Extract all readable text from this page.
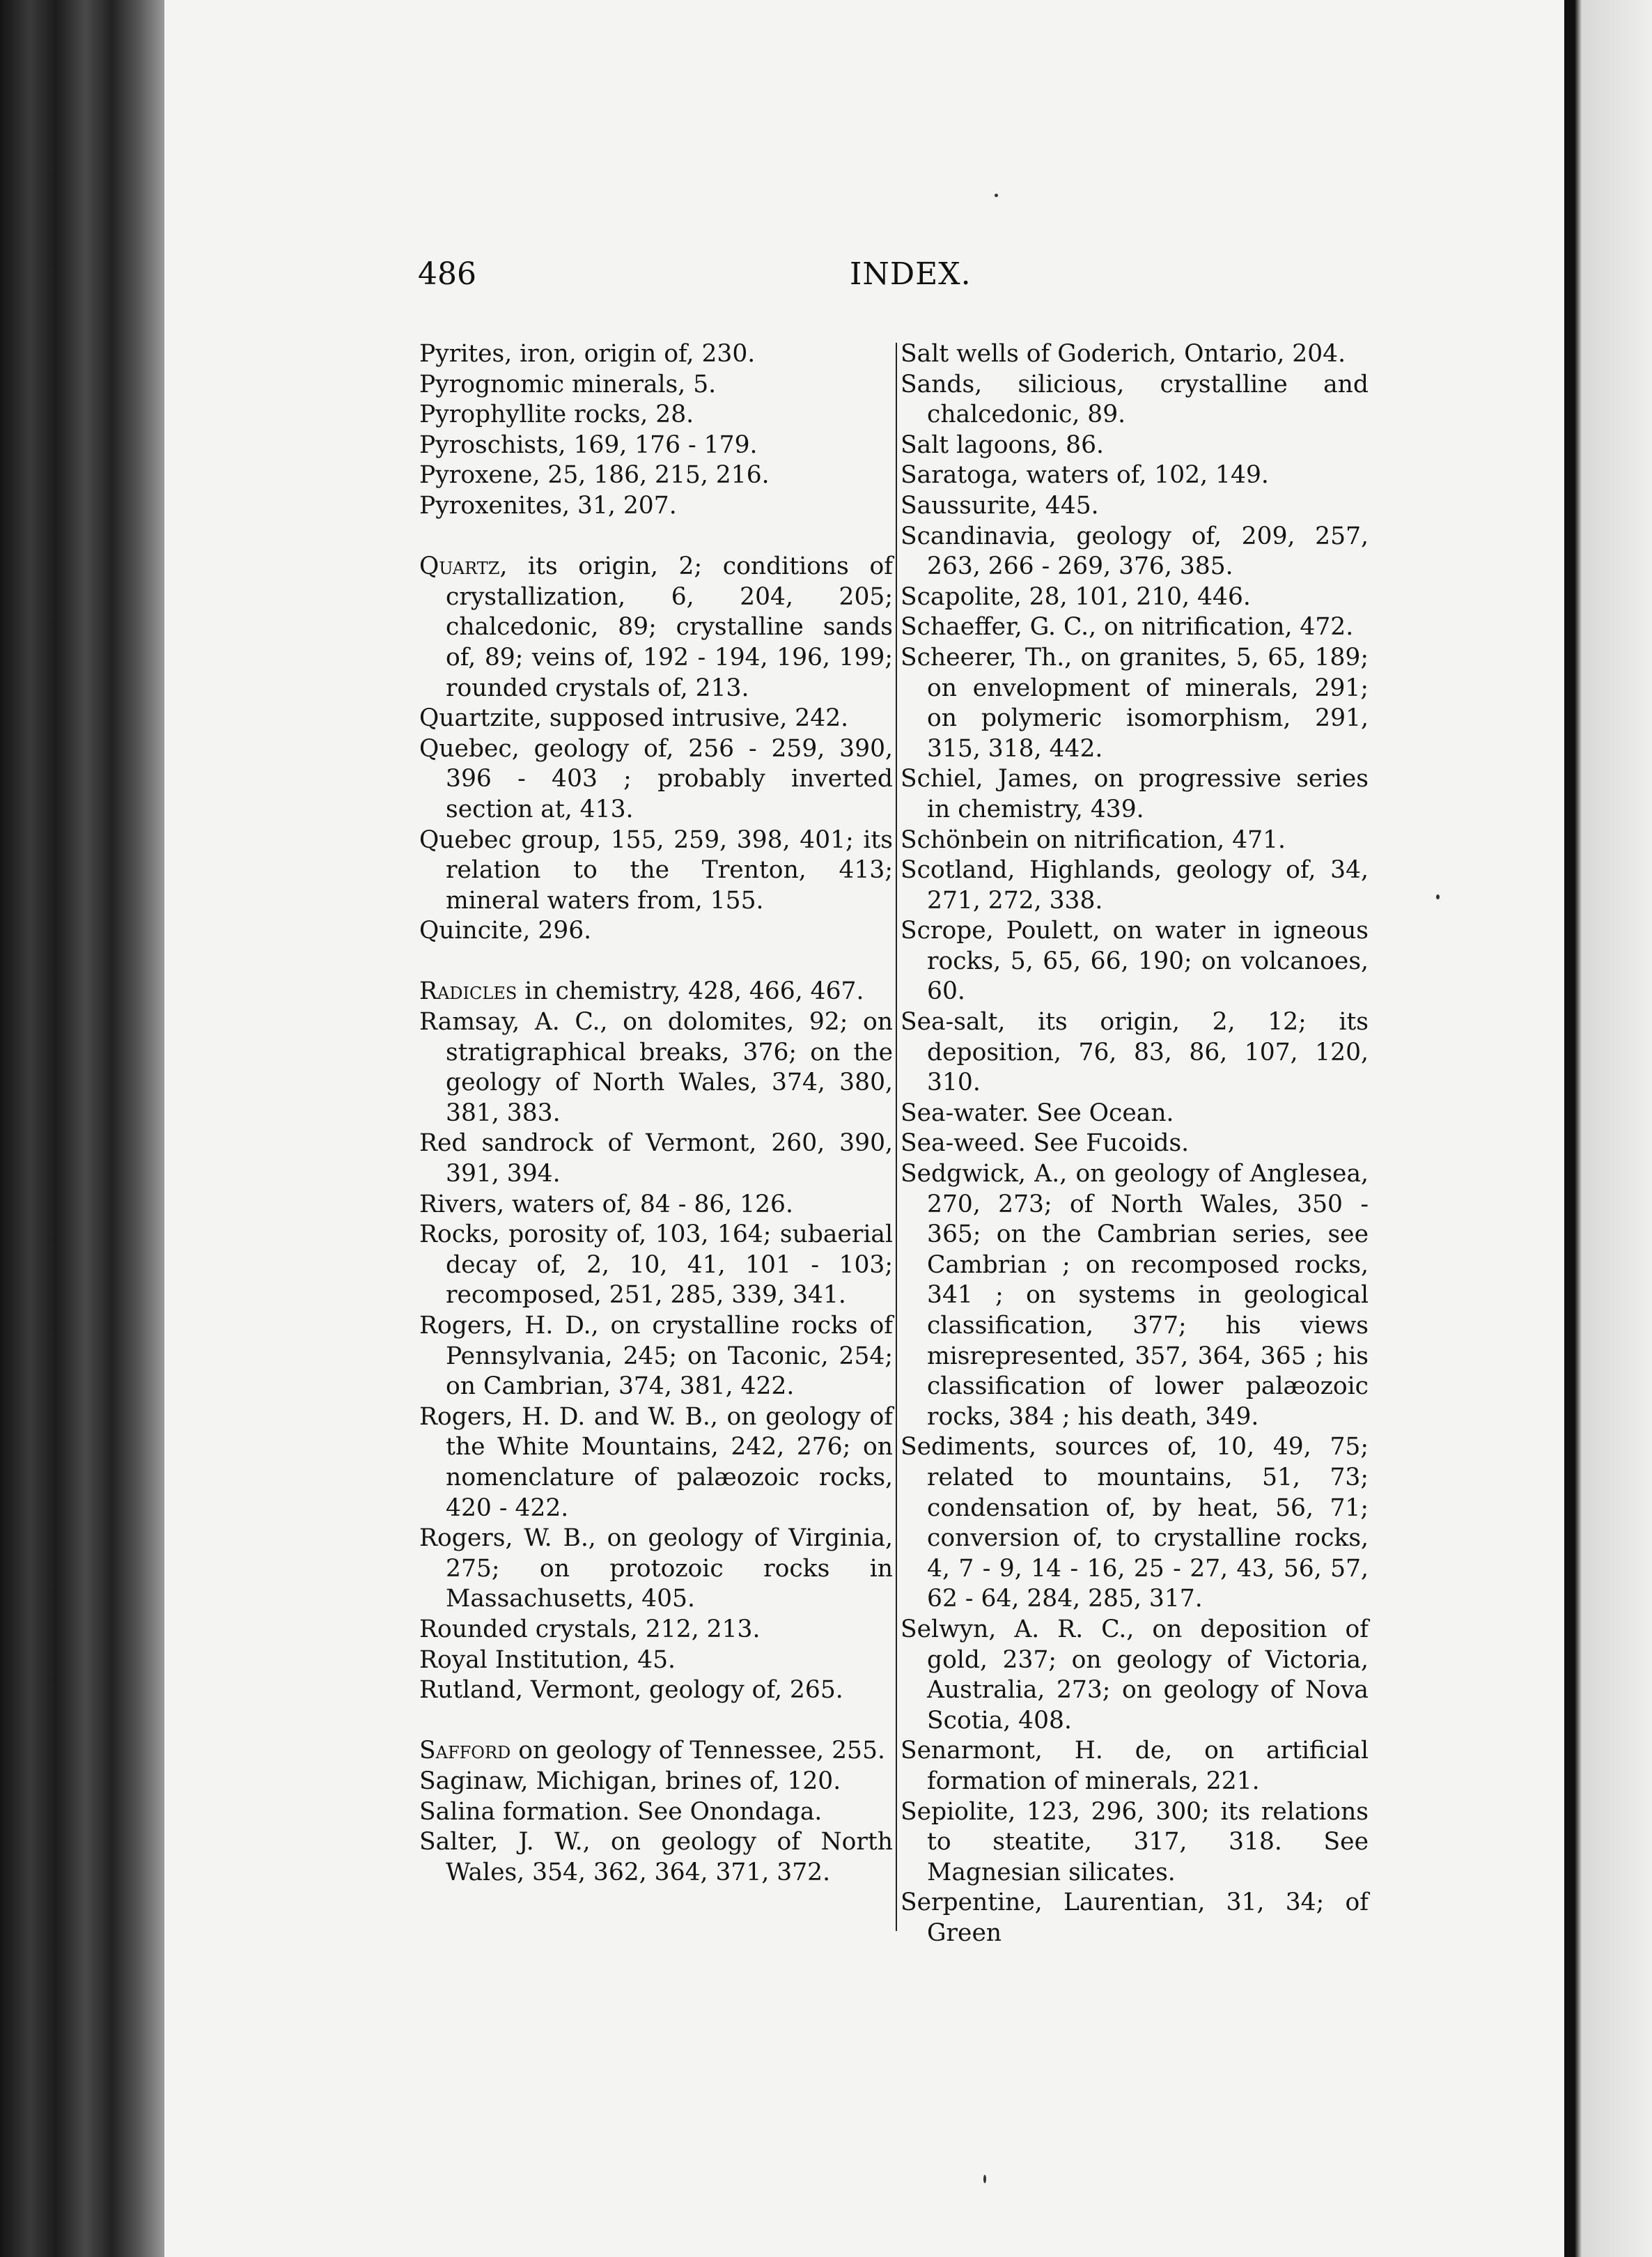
486	INDEX.
Pyrites, iron, origin of, 230.
Pyrognomic minerals, 5.
Pyrophyllite rocks, 28.
Pyroschists, 169, 176 - 179.
Pyroxene, 25, 186, 215, 216.
Pyroxenites, 31, 207.
Quartz, its origin, 2; conditions of crystallization, 6, 204, 205; chalcedonic, 89; crystalline sands of, 89; veins of, 192 - 194, 196, 199; rounded crystals of, 213.
Quartzite, supposed intrusive, 242.
Quebec, geology of, 256 - 259, 390, 396 - 403 ; probably inverted section at, 413.
Quebec group, 155, 259, 398, 401; its relation to the Trenton, 413; mineral waters from, 155.
Quincite, 296.
Radicles in chemistry, 428, 466, 467.
Ramsay, A. C., on dolomites, 92; on stratigraphical breaks, 376; on the geology of North Wales, 374, 380, 381, 383.
Red sandrock of Vermont, 260, 390, 391, 394.
Rivers, waters of, 84 - 86, 126.
Rocks, porosity of, 103, 164; subaerial decay of, 2, 10, 41, 101 - 103; recomposed, 251, 285, 339, 341.
Rogers, H. D., on crystalline rocks of Pennsylvania, 245; on Taconic, 254; on Cambrian, 374, 381, 422.
Rogers, H. D. and W. B., on geology of the White Mountains, 242, 276; on nomenclature of palæozoic rocks, 420 - 422.
Rogers, W. B., on geology of Virginia, 275; on protozoic rocks in Massachusetts, 405.
Rounded crystals, 212, 213.
Royal Institution, 45.
Rutland, Vermont, geology of, 265.
Safford on geology of Tennessee, 255.
Saginaw, Michigan, brines of, 120.
Salina formation. See Onondaga.
Salter, J. W., on geology of North Wales, 354, 362, 364, 371, 372.
Salt wells of Goderich, Ontario, 204.
Sands, silicious, crystalline and chalcedonic, 89.
Salt lagoons, 86.
Saratoga, waters of, 102, 149.
Saussurite, 445.
Scandinavia, geology of, 209, 257, 263, 266 - 269, 376, 385.
Scapolite, 28, 101, 210, 446.
Schaeffer, G. C., on nitrification, 472.
Scheerer, Th., on granites, 5, 65, 189; on envelopment of minerals, 291; on polymeric isomorphism, 291, 315, 318, 442.
Schiel, James, on progressive series in chemistry, 439.
Schönbein on nitrification, 471.
Scotland, Highlands, geology of, 34, 271, 272, 338.
Scrope, Poulett, on water in igneous rocks, 5, 65, 66, 190; on volcanoes, 60.
Sea-salt, its origin, 2, 12; its deposition, 76, 83, 86, 107, 120, 310.
Sea-water. See Ocean.
Sea-weed. See Fucoids.
Sedgwick, A., on geology of Anglesea, 270, 273; of North Wales, 350 - 365; on the Cambrian series, see Cambrian ; on recomposed rocks, 341 ; on systems in geological classification, 377; his views misrepresented, 357, 364, 365 ; his classification of lower palæozoic rocks, 384 ; his death, 349.
Sediments, sources of, 10, 49, 75; related to mountains, 51, 73; condensation of, by heat, 56, 71; conversion of, to crystalline rocks, 4, 7 - 9, 14 - 16, 25 - 27, 43, 56, 57, 62 - 64, 284, 285, 317.
Selwyn, A. R. C., on deposition of gold, 237; on geology of Victoria, Australia, 273; on geology of Nova Scotia, 408.
Senarmont, H. de, on artificial formation of minerals, 221.
Sepiolite, 123, 296, 300; its relations to steatite, 317, 318. See Magnesian silicates.
Serpentine, Laurentian, 31, 34; of Green
